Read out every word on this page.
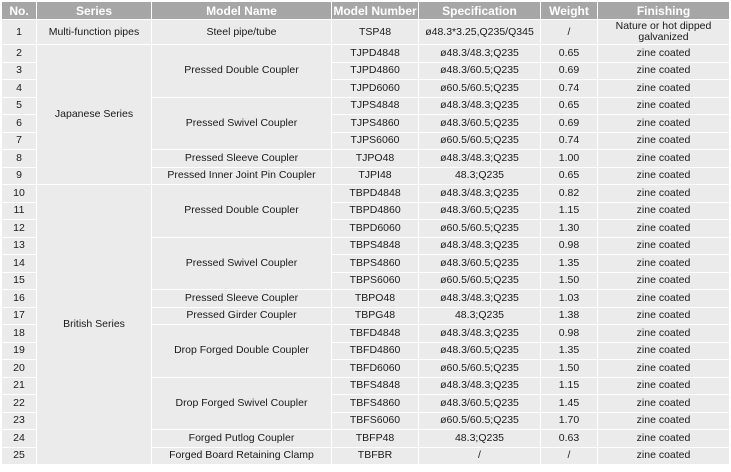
No.	Series	Model Name	Model Number	Specification	Weight	Finishing
1	Multi-function pipes	Steel pipe/tube	TSP48	ø48.3*3.25,Q235/Q345	/	Nature or hot dipped galvanized
2	Japanese Series	Pressed Double Coupler	TJPD4848	ø48.3/48.3;Q235	0.65	zine coated
3			TJPD4860	ø48.3/60.5;Q235	0.69	zine coated
4			TJPD6060	ø60.5/60.5;Q235	0.74	zine coated
5		Pressed Swivel Coupler	TJPS4848	ø48.3/48.3;Q235	0.65	zine coated
6			TJPS4860	ø48.3/60.5;Q235	0.69	zine coated
7			TJPS6060	ø60.5/60.5;Q235	0.74	zine coated
8		Pressed Sleeve Coupler	TJPO48	ø48.3/48.3;Q235	1.00	zine coated
9		Pressed Inner Joint Pin Coupler	TJPI48	48.3;Q235	0.65	zine coated
10	British Series	Pressed Double Coupler	TBPD4848	ø48.3/48.3;Q235	0.82	zine coated
11			TBPD4860	ø48.3/60.5;Q235	1.15	zine coated
12			TBPD6060	ø60.5/60.5;Q235	1.30	zine coated
13		Pressed Swivel Coupler	TBPS4848	ø48.3/48.3;Q235	0.98	zine coated
14			TBPS4860	ø48.3/60.5;Q235	1.35	zine coated
15			TBPS6060	ø60.5/60.5;Q235	1.50	zine coated
16		Pressed Sleeve Coupler	TBPO48	ø48.3/48.3;Q235	1.03	zine coated
17		Pressed Girder Coupler	TBPG48	48.3;Q235	1.38	zine coated
18		Drop Forged Double Coupler	TBFD4848	ø48.3/48.3;Q235	0.98	zine coated
19			TBFD4860	ø48.3/60.5;Q235	1.35	zine coated
20			TBFD6060	ø60.5/60.5;Q235	1.50	zine coated
21		Drop Forged Swivel Coupler	TBFS4848	ø48.3/48.3;Q235	1.15	zine coated
22			TBFS4860	ø48.3/60.5;Q235	1.45	zine coated
23			TBFS6060	ø60.5/60.5;Q235	1.70	zine coated
24		Forged Putlog Coupler	TBFP48	48.3;Q235	0.63	zine coated
25		Forged Board Retaining Clamp	TBFBR	/	/	zine coated
